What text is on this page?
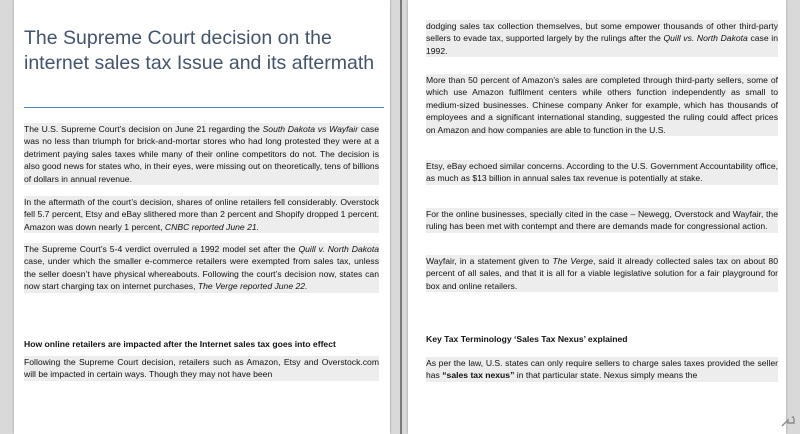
The Supreme Court decision on the internet sales tax Issue and its aftermath

The U.S. Supreme Court’s decision on June 21 regarding the South Dakota vs Wayfair case was no less than triumph for brick-and-mortar stores who had long protested they were at a detriment paying sales taxes while many of their online competitors do not. The decision is also good news for states who, in their eyes, were missing out on theoretically, tens of billions of dollars in annual revenue.

In the aftermath of the court’s decision, shares of online retailers fell considerably. Overstock fell 5.7 percent, Etsy and eBay slithered more than 2 percent and Shopify dropped 1 percent. Amazon was down nearly 1 percent, CNBC reported June 21.

The Supreme Court’s 5-4 verdict overruled a 1992 model set after the Quill v. North Dakota case, under which the smaller e-commerce retailers were exempted from sales tax, unless the seller doesn’t have physical whereabouts. Following the court’s decision now, states can now start charging tax on internet purchases, The Verge reported June 22.

How online retailers are impacted after the Internet sales tax goes into effect

Following the Supreme Court decision, retailers such as Amazon, Etsy and Overstock.com will be impacted in certain ways. Though they may not have been

dodging sales tax collection themselves, but some empower thousands of other third-party sellers to evade tax, supported largely by the rulings after the Quill vs. North Dakota case in 1992.

More than 50 percent of Amazon’s sales are completed through third-party sellers, some of which use Amazon fulfilment centers while others function independently as small to medium-sized businesses. Chinese company Anker for example, which has thousands of employees and a significant international standing, suggested the ruling could affect prices on Amazon and how companies are able to function in the U.S.

Etsy, eBay echoed similar concerns. According to the U.S. Government Accountability office, as much as $13 billion in annual sales tax revenue is potentially at stake.

For the online businesses, specially cited in the case – Newegg, Overstock and Wayfair, the ruling has been met with contempt and there are demands made for congressional action.

Wayfair, in a statement given to The Verge, said it already collected sales tax on about 80 percent of all sales, and that it is all for a viable legislative solution for a fair playground for box and online retailers.

Key Tax Terminology ‘Sales Tax Nexus’ explained

As per the law, U.S. states can only require sellers to charge sales taxes provided the seller has “sales tax nexus” in that particular state. Nexus simply means the
